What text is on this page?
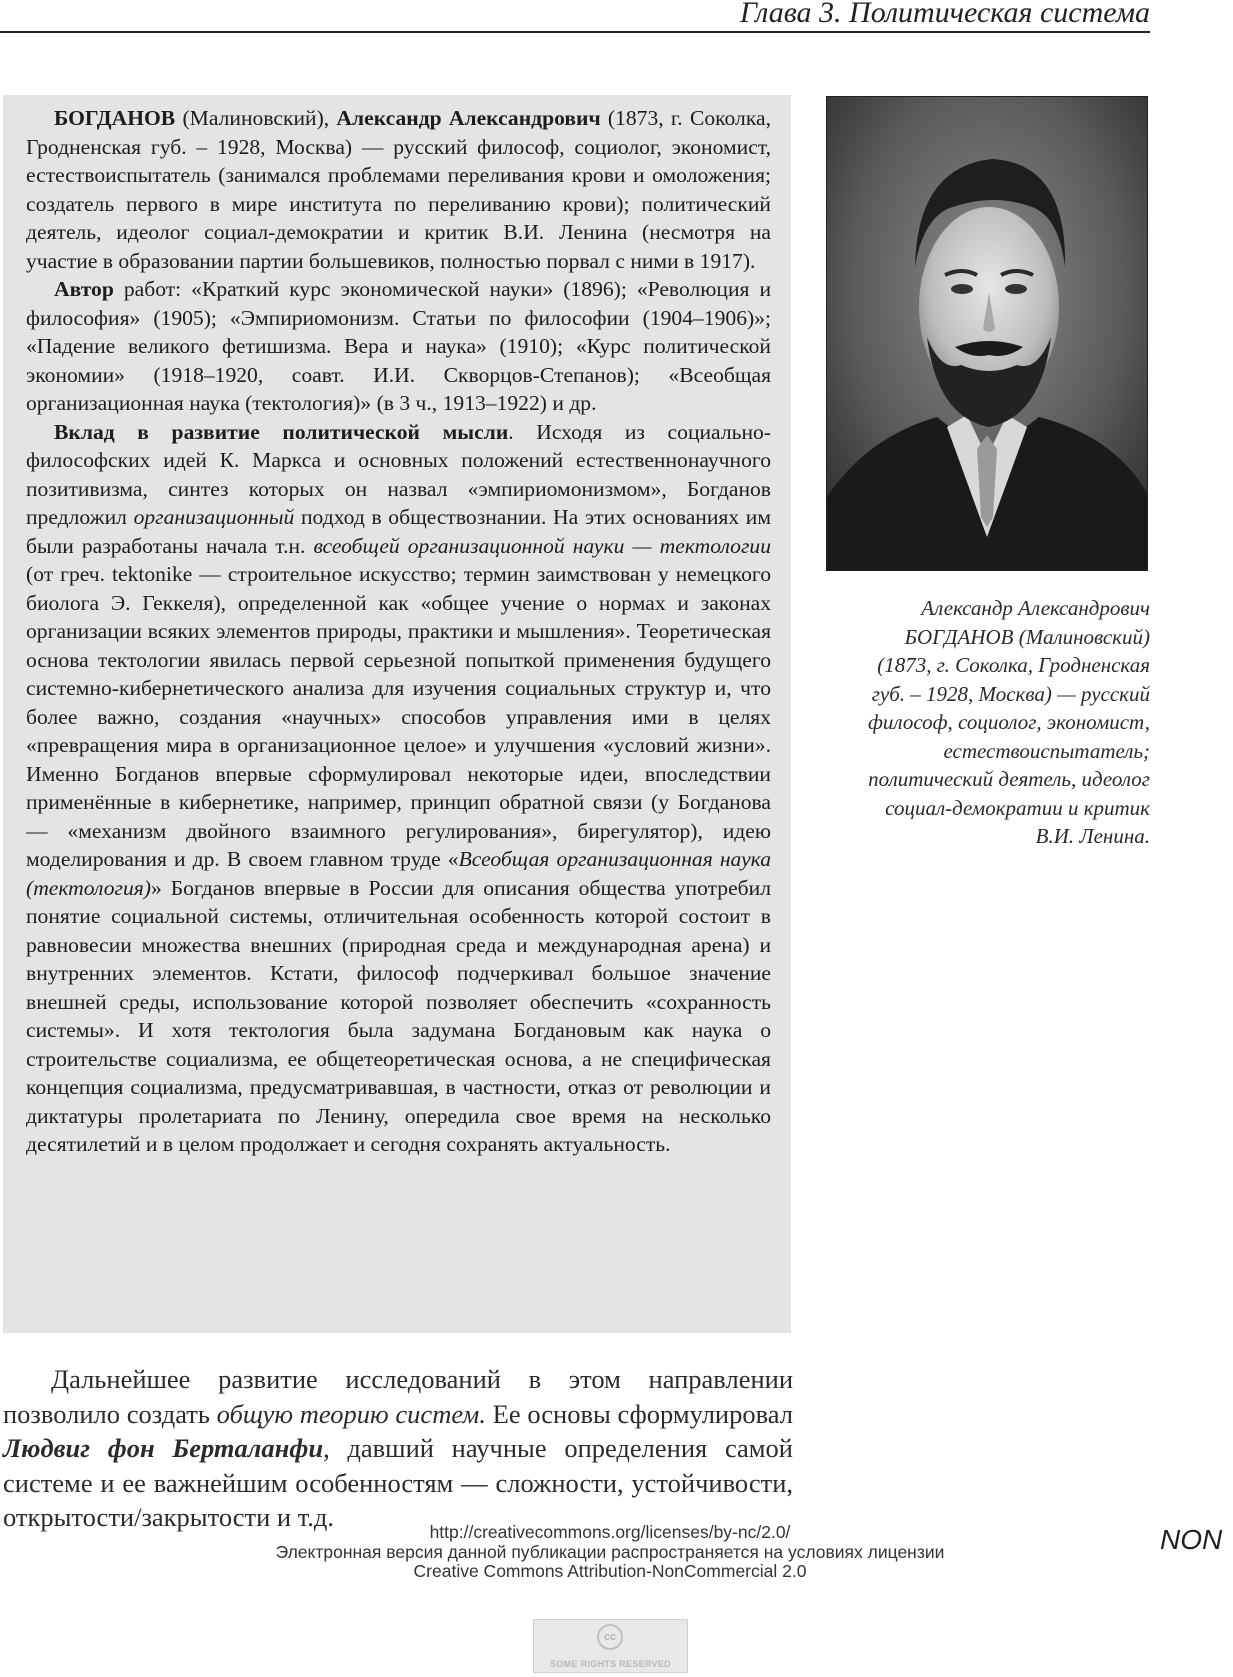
Глава 3. Политическая система

БОГДАНОВ (Малиновский), Александр Александрович (1873, г. Соколка, Гродненская губ. – 1928, Москва) — русский философ, социолог, экономист, естествоиспытатель (занимался проблемами переливания крови и омоложения; создатель первого в мире института по переливанию крови); политический деятель, идеолог социал-демократии и критик В.И. Ленина (несмотря на участие в образовании партии большевиков, полностью порвал с ними в 1917).

Автор работ: «Краткий курс экономической науки» (1896); «Революция и философия» (1905); «Эмпириомонизм. Статьи по философии (1904–1906)»; «Падение великого фетишизма. Вера и наука» (1910); «Курс политической экономии» (1918–1920, соавт. И.И. Скворцов-Степанов); «Всеобщая организационная наука (тектология)» (в 3 ч., 1913–1922) и др.

Вклад в развитие политической мысли. Исходя из социально-философских идей К. Маркса и основных положений естественнонаучного позитивизма, синтез которых он назвал «эмпириомонизмом», Богданов предложил организационный подход в обществознании. На этих основаниях им были разработаны начала т.н. всеобщей организационной науки — тектологии (от греч. tektonike — строительное искусство; термин заимствован у немецкого биолога Э. Геккеля), определенной как «общее учение о нормах и законах организации всяких элементов природы, практики и мышления». Теоретическая основа тектологии явилась первой серьезной попыткой применения будущего системно-кибернетического анализа для изучения социальных структур и, что более важно, создания «научных» способов управления ими в целях «превращения мира в организационное целое» и улучшения «условий жизни». Именно Богданов впервые сформулировал некоторые идеи, впоследствии применённые в кибернетике, например, принцип обратной связи (у Богданова — «механизм двойного взаимного регулирования», бирегулятор), идею моделирования и др. В своем главном труде «Всеобщая организационная наука (тектология)» Богданов впервые в России для описания общества употребил понятие социальной системы, отличительная особенность которой состоит в равновесии множества внешних (природная среда и международная арена) и внутренних элементов. Кстати, философ подчеркивал большое значение внешней среды, использование которой позволяет обеспечить «сохранность системы». И хотя тектология была задумана Богдановым как наука о строительстве социализма, ее общетеоретическая основа, а не специфическая концепция социализма, предусматривавшая, в частности, отказ от революции и диктатуры пролетариата по Ленину, опередила свое время на несколько десятилетий и в целом продолжает и сегодня сохранять актуальность.

Александр Александрович
БОГДАНОВ (Малиновский)
(1873, г. Соколка, Гродненская
губ. – 1928, Москва) — русский
философ, социолог, экономист,
естествоиспытатель;
политический деятель, идеолог
социал-демократии и критик
В.И. Ленина.
Дальнейшее развитие исследований в этом направлении позволило создать общую теорию систем. Ее основы сформулировал Людвиг фон Берталанфи, давший научные определения самой системе и ее важнейшим особенностям — сложности, устойчивости, открытости/закрытости и т.д.
NON
http://creativecommons.org/licenses/by-nc/2.0/
Электронная версия данной публикации распространяется на условиях лицензии
Creative Commons Attribution-NonCommercial 2.0
cc
SOME RIGHTS RESERVED
